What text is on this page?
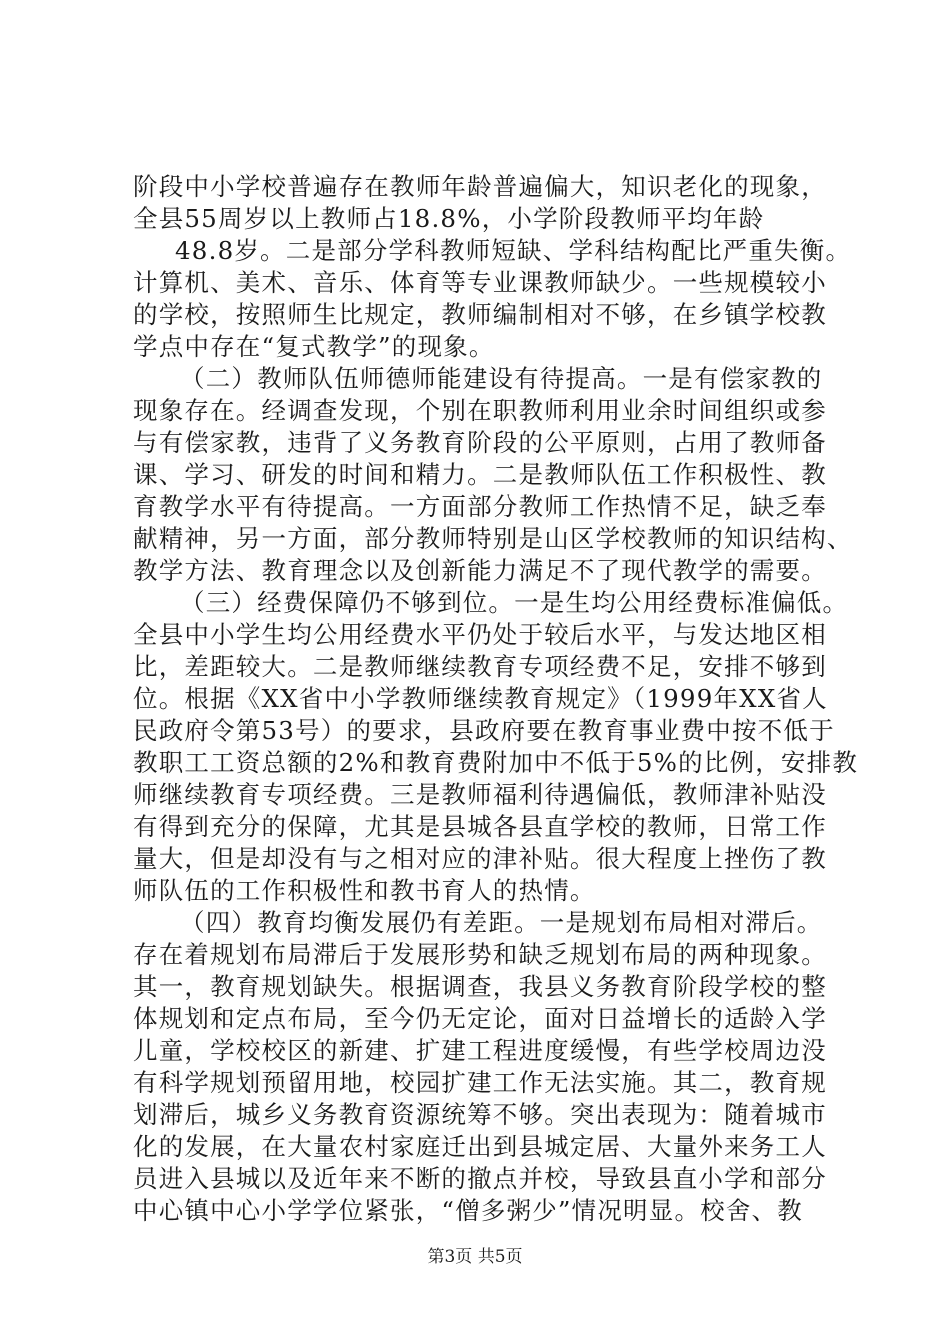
阶段中小学校普遍存在教师年龄普遍偏大，知识老化的现象，
全县55周岁以上教师占18.8%，小学阶段教师平均年龄
48.8岁。二是部分学科教师短缺、学科结构配比严重失衡。
计算机、美术、音乐、体育等专业课教师缺少。一些规模较小
的学校，按照师生比规定，教师编制相对不够，在乡镇学校教
学点中存在“复式教学”的现象。
（二）教师队伍师德师能建设有待提高。一是有偿家教的
现象存在。经调查发现，个别在职教师利用业余时间组织或参
与有偿家教，违背了义务教育阶段的公平原则，占用了教师备
课、学习、研发的时间和精力。二是教师队伍工作积极性、教
育教学水平有待提高。一方面部分教师工作热情不足，缺乏奉
献精神，另一方面，部分教师特别是山区学校教师的知识结构、
教学方法、教育理念以及创新能力满足不了现代教学的需要。
（三）经费保障仍不够到位。一是生均公用经费标准偏低。
全县中小学生均公用经费水平仍处于较后水平，与发达地区相
比，差距较大。二是教师继续教育专项经费不足，安排不够到
位。根据《XX省中小学教师继续教育规定》（1999年XX省人
民政府令第53号）的要求，县政府要在教育事业费中按不低于
教职工工资总额的2%和教育费附加中不低于5%的比例，安排教
师继续教育专项经费。三是教师福利待遇偏低，教师津补贴没
有得到充分的保障，尤其是县城各县直学校的教师，日常工作
量大，但是却没有与之相对应的津补贴。很大程度上挫伤了教
师队伍的工作积极性和教书育人的热情。
（四）教育均衡发展仍有差距。一是规划布局相对滞后。
存在着规划布局滞后于发展形势和缺乏规划布局的两种现象。
其一，教育规划缺失。根据调查，我县义务教育阶段学校的整
体规划和定点布局，至今仍无定论，面对日益增长的适龄入学
儿童，学校校区的新建、扩建工程进度缓慢，有些学校周边没
有科学规划预留用地，校园扩建工作无法实施。其二，教育规
划滞后，城乡义务教育资源统筹不够。突出表现为：随着城市
化的发展，在大量农村家庭迁出到县城定居、大量外来务工人
员进入县城以及近年来不断的撤点并校，导致县直小学和部分
中心镇中心小学学位紧张，“僧多粥少”情况明显。校舍、教
第3页 共5页
